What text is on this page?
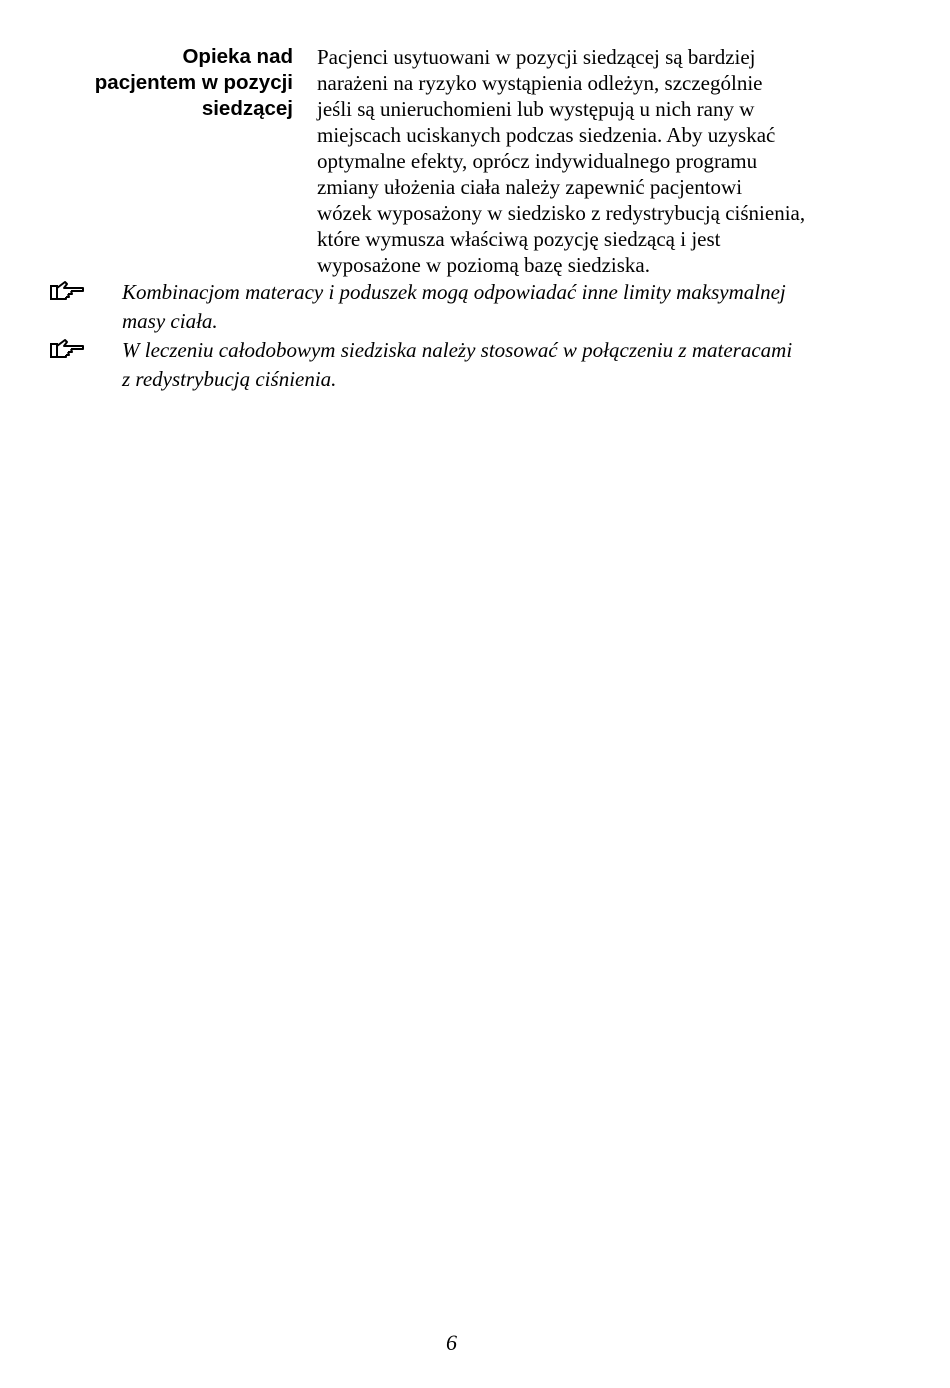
Opieka nad
pacjentem w pozycji
siedzącej
Pacjenci usytuowani w pozycji siedzącej są bardziej
narażeni na ryzyko wystąpienia odleżyn, szczególnie
jeśli są unieruchomieni lub występują u nich rany w
miejscach uciskanych podczas siedzenia. Aby uzyskać
optymalne efekty, oprócz indywidualnego programu
zmiany ułożenia ciała należy zapewnić pacjentowi
wózek wyposażony w siedzisko z redystrybucją ciśnienia,
które wymusza właściwą pozycję siedzącą i jest
wyposażone w poziomą bazę siedziska.
Kombinacjom materacy i poduszek mogą odpowiadać inne limity maksymalnej
masy ciała.
W leczeniu całodobowym siedziska należy stosować w połączeniu z materacami
z redystrybucją ciśnienia.
6
